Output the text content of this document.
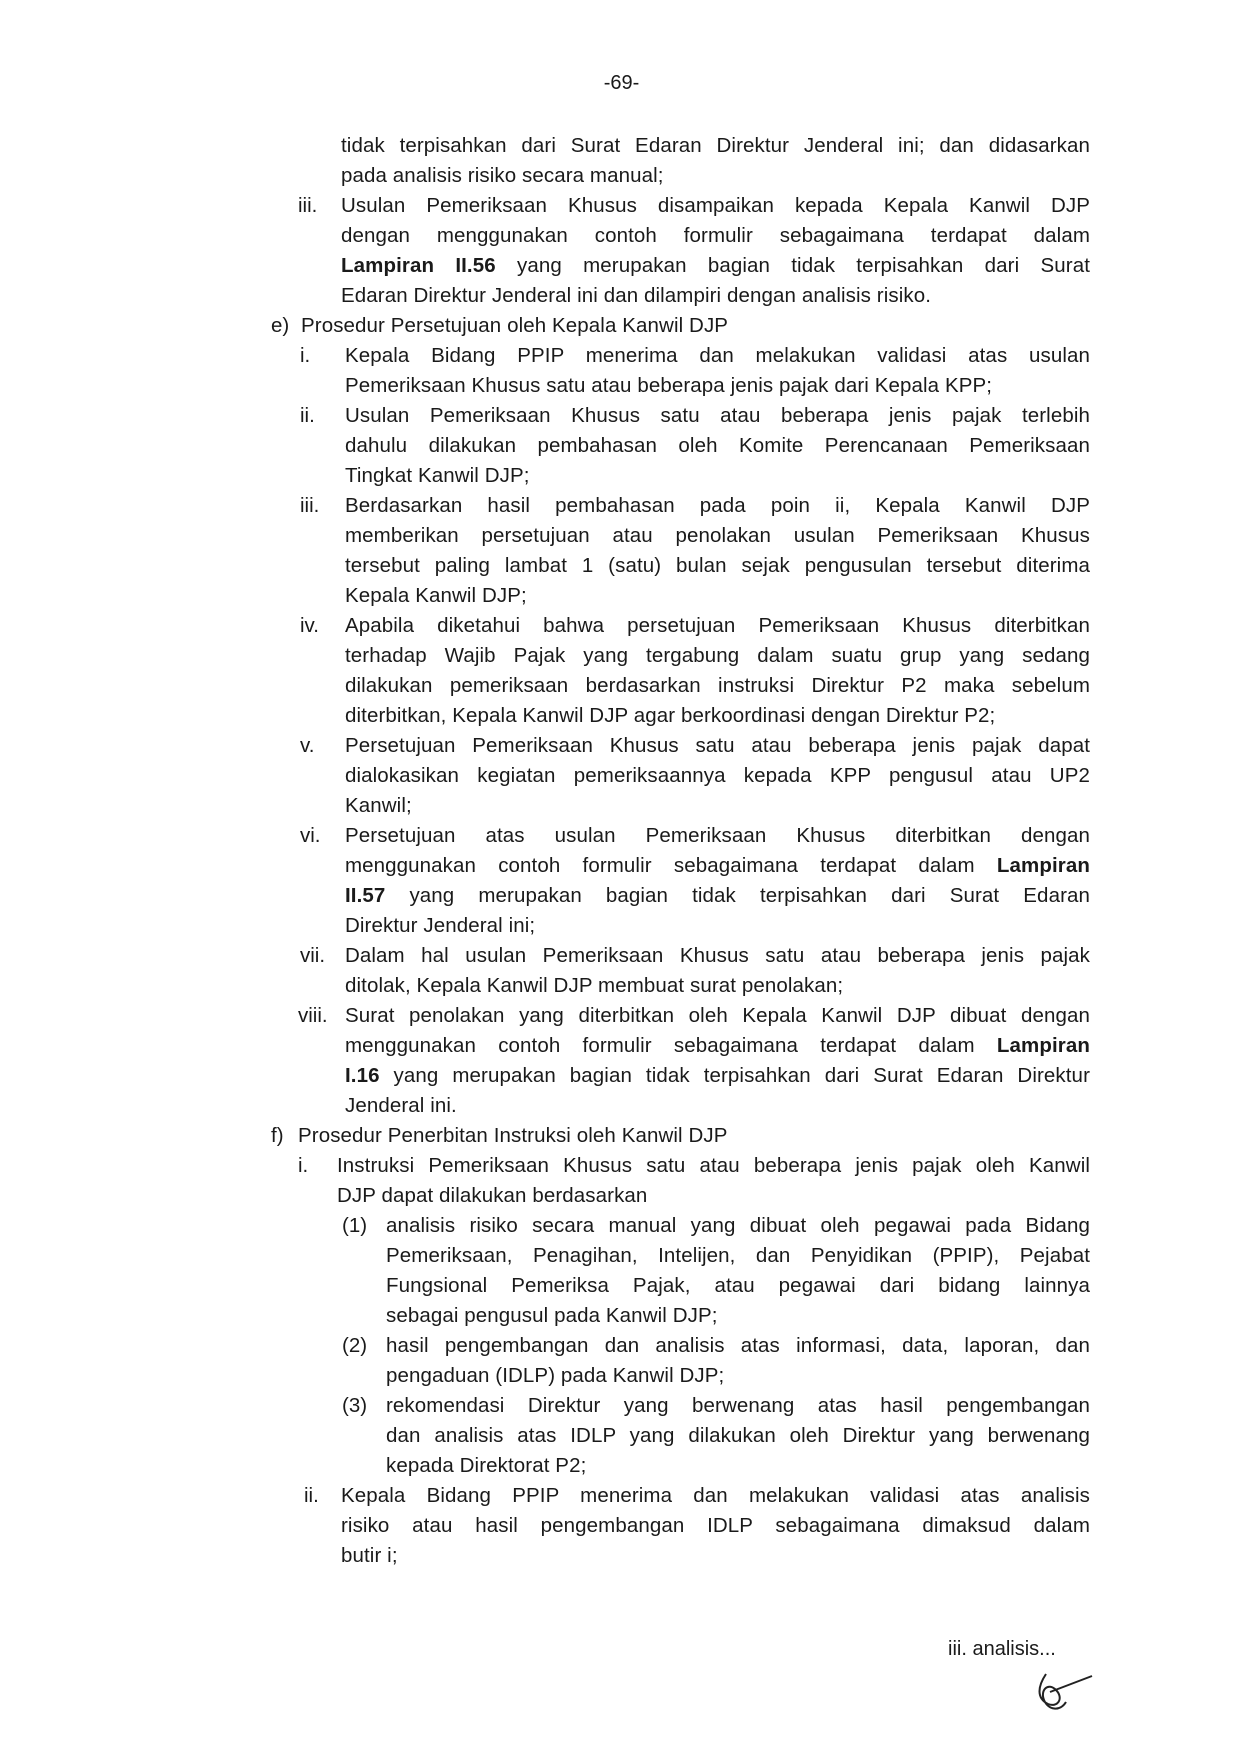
-69-
tidak terpisahkan dari Surat Edaran Direktur Jenderal ini; dan didasarkan
pada analisis risiko secara manual;
iii. Usulan Pemeriksaan Khusus disampaikan kepada Kepala Kanwil DJP
dengan menggunakan contoh formulir sebagaimana terdapat dalam
Lampiran II.56 yang merupakan bagian tidak terpisahkan dari Surat
Edaran Direktur Jenderal ini dan dilampiri dengan analisis risiko.
e) Prosedur Persetujuan oleh Kepala Kanwil DJP
i. Kepala Bidang PPIP menerima dan melakukan validasi atas usulan
Pemeriksaan Khusus satu atau beberapa jenis pajak dari Kepala KPP;
ii. Usulan Pemeriksaan Khusus satu atau beberapa jenis pajak terlebih
dahulu dilakukan pembahasan oleh Komite Perencanaan Pemeriksaan
Tingkat Kanwil DJP;
iii. Berdasarkan hasil pembahasan pada poin ii, Kepala Kanwil DJP
memberikan persetujuan atau penolakan usulan Pemeriksaan Khusus
tersebut paling lambat 1 (satu) bulan sejak pengusulan tersebut diterima
Kepala Kanwil DJP;
iv. Apabila diketahui bahwa persetujuan Pemeriksaan Khusus diterbitkan
terhadap Wajib Pajak yang tergabung dalam suatu grup yang sedang
dilakukan pemeriksaan berdasarkan instruksi Direktur P2 maka sebelum
diterbitkan, Kepala Kanwil DJP agar berkoordinasi dengan Direktur P2;
v. Persetujuan Pemeriksaan Khusus satu atau beberapa jenis pajak dapat
dialokasikan kegiatan pemeriksaannya kepada KPP pengusul atau UP2
Kanwil;
vi. Persetujuan atas usulan Pemeriksaan Khusus diterbitkan dengan
menggunakan contoh formulir sebagaimana terdapat dalam Lampiran
II.57 yang merupakan bagian tidak terpisahkan dari Surat Edaran
Direktur Jenderal ini;
vii. Dalam hal usulan Pemeriksaan Khusus satu atau beberapa jenis pajak
ditolak, Kepala Kanwil DJP membuat surat penolakan;
viii. Surat penolakan yang diterbitkan oleh Kepala Kanwil DJP dibuat dengan
menggunakan contoh formulir sebagaimana terdapat dalam Lampiran
I.16 yang merupakan bagian tidak terpisahkan dari Surat Edaran Direktur
Jenderal ini.
f) Prosedur Penerbitan Instruksi oleh Kanwil DJP
i. Instruksi Pemeriksaan Khusus satu atau beberapa jenis pajak oleh Kanwil
DJP dapat dilakukan berdasarkan
(1) analisis risiko secara manual yang dibuat oleh pegawai pada Bidang
Pemeriksaan, Penagihan, Intelijen, dan Penyidikan (PPIP), Pejabat
Fungsional Pemeriksa Pajak, atau pegawai dari bidang lainnya
sebagai pengusul pada Kanwil DJP;
(2) hasil pengembangan dan analisis atas informasi, data, laporan, dan
pengaduan (IDLP) pada Kanwil DJP;
(3) rekomendasi Direktur yang berwenang atas hasil pengembangan
dan analisis atas IDLP yang dilakukan oleh Direktur yang berwenang
kepada Direktorat P2;
ii. Kepala Bidang PPIP menerima dan melakukan validasi atas analisis
risiko atau hasil pengembangan IDLP sebagaimana dimaksud dalam
butir i;
iii. analisis...
